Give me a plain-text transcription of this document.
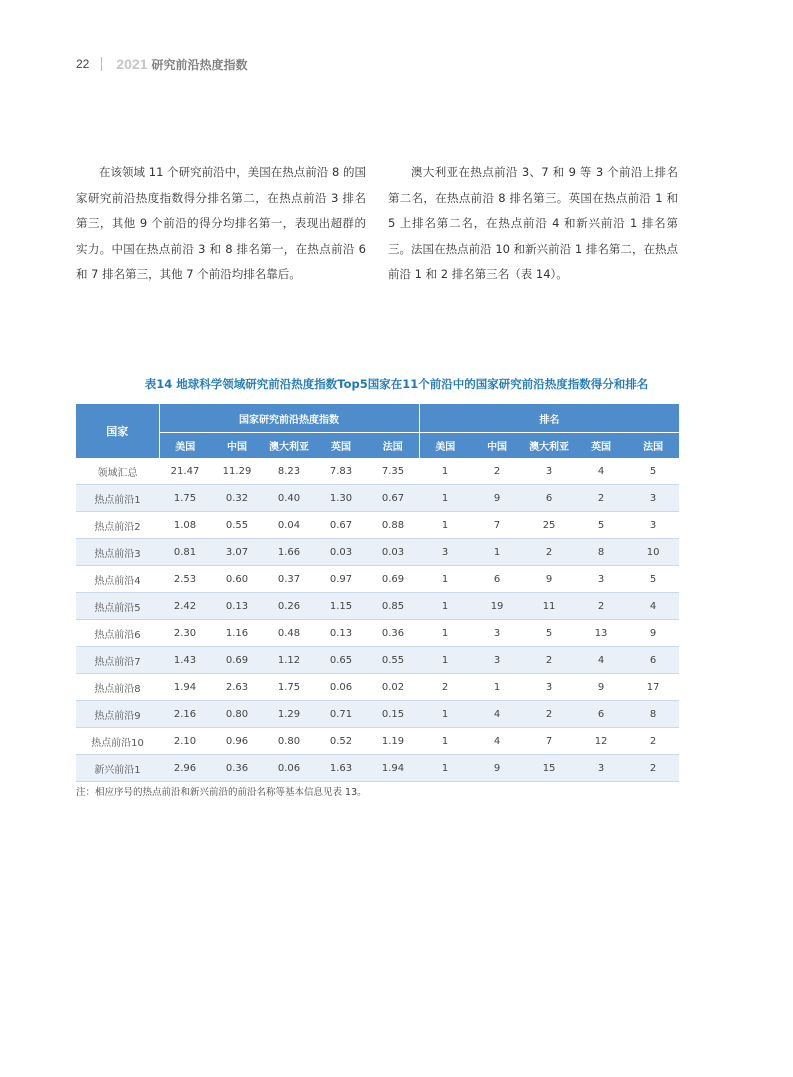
22 2021 研究前沿热度指数

在该领域 11 个研究前沿中，美国在热点前沿 8 的国家研究前沿热度指数得分排名第二，在热点前沿 3 排名第三，其他 9 个前沿的得分均排名第一，表现出超群的实力。中国在热点前沿 3 和 8 排名第一，在热点前沿 6 和 7 排名第三，其他 7 个前沿均排名靠后。

澳大利亚在热点前沿 3、7 和 9 等 3 个前沿上排名第二名，在热点前沿 8 排名第三。英国在热点前沿 1 和 5 上排名第二名，在热点前沿 4 和新兴前沿 1 排名第三。法国在热点前沿 10 和新兴前沿 1 排名第二，在热点前沿 1 和 2 排名第三名（表 14）。

表14 地球科学领域研究前沿热度指数Top5国家在11个前沿中的国家研究前沿热度指数得分和排名
国家	国家研究前沿热度指数					排名				
	美国	中国	澳大利亚	英国	法国	美国	中国	澳大利亚	英国	法国
领域汇总	21.47	11.29	8.23	7.83	7.35	1	2	3	4	5
热点前沿1	1.75	0.32	0.40	1.30	0.67	1	9	6	2	3
热点前沿2	1.08	0.55	0.04	0.67	0.88	1	7	25	5	3
热点前沿3	0.81	3.07	1.66	0.03	0.03	3	1	2	8	10
热点前沿4	2.53	0.60	0.37	0.97	0.69	1	6	9	3	5
热点前沿5	2.42	0.13	0.26	1.15	0.85	1	19	11	2	4
热点前沿6	2.30	1.16	0.48	0.13	0.36	1	3	5	13	9
热点前沿7	1.43	0.69	1.12	0.65	0.55	1	3	2	4	6
热点前沿8	1.94	2.63	1.75	0.06	0.02	2	1	3	9	17
热点前沿9	2.16	0.80	1.29	0.71	0.15	1	4	2	6	8
热点前沿10	2.10	0.96	0.80	0.52	1.19	1	4	7	12	2
新兴前沿1	2.96	0.36	0.06	1.63	1.94	1	9	15	3	2
注：相应序号的热点前沿和新兴前沿的前沿名称等基本信息见表 13。
